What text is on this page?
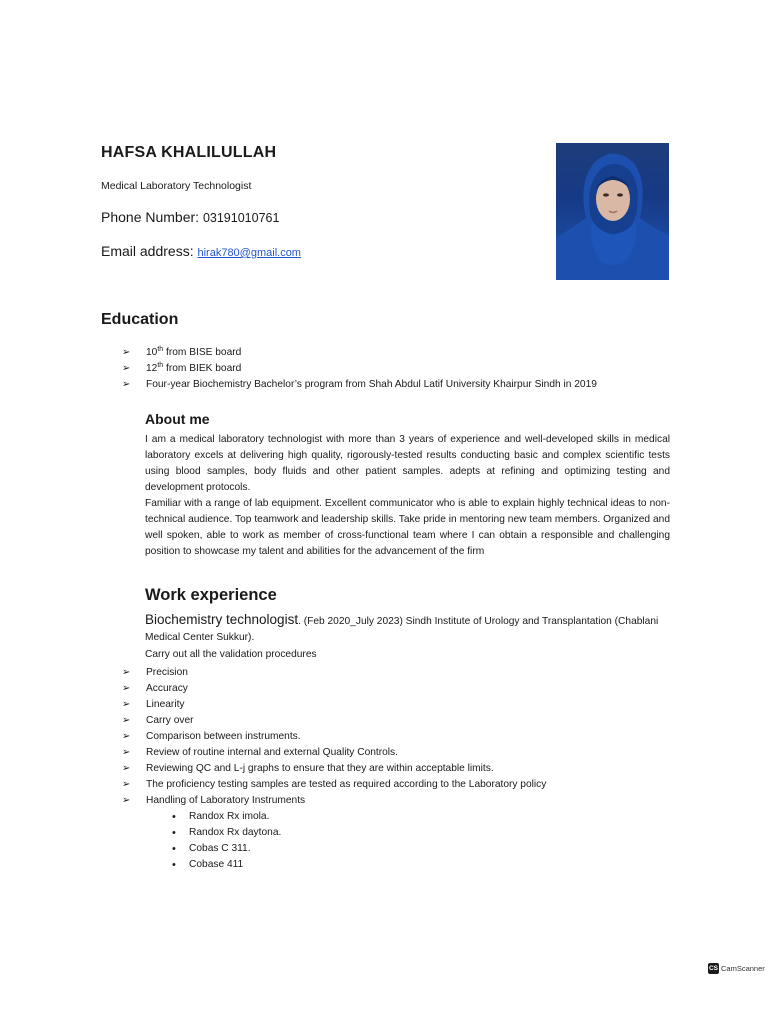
HAFSA KHALILULLAH
Medical Laboratory Technologist
Phone Number: 03191010761
Email address: hirak780@gmail.com
Education
➢ 10th from BISE board
➢ 12th from BIEK board
➢ Four-year Biochemistry Bachelor’s program from Shah Abdul Latif University Khairpur Sindh in 2019
About me

I am a medical laboratory technologist with more than 3 years of experience and well-developed skills in medical laboratory excels at delivering high quality, rigorously-tested results conducting basic and complex scientific tests using blood samples, body fluids and other patient samples. adepts at refining and optimizing testing and development protocols.

Familiar with a range of lab equipment. Excellent communicator who is able to explain highly technical ideas to non-technical audience. Top teamwork and leadership skills. Take pride in mentoring new team members. Organized and well spoken, able to work as member of cross-functional team where I can obtain a responsible and challenging position to showcase my talent and abilities for the advancement of the firm

Work experience
Biochemistry technologist. (Feb 2020_July 2023) Sindh Institute of Urology and Transplantation (Chablani Medical Center Sukkur).
Carry out all the validation procedures
➢ Precision
➢ Accuracy
➢ Linearity
➢ Carry over
➢ Comparison between instruments.
➢ Review of routine internal and external Quality Controls.
➢ Reviewing QC and L-j graphs to ensure that they are within acceptable limits.
➢ The proficiency testing samples are tested as required according to the Laboratory policy
➢ Handling of Laboratory Instruments
• Randox Rx imola.
• Randox Rx daytona.
• Cobas C 311.
• Cobase 411
CS CamScanner
